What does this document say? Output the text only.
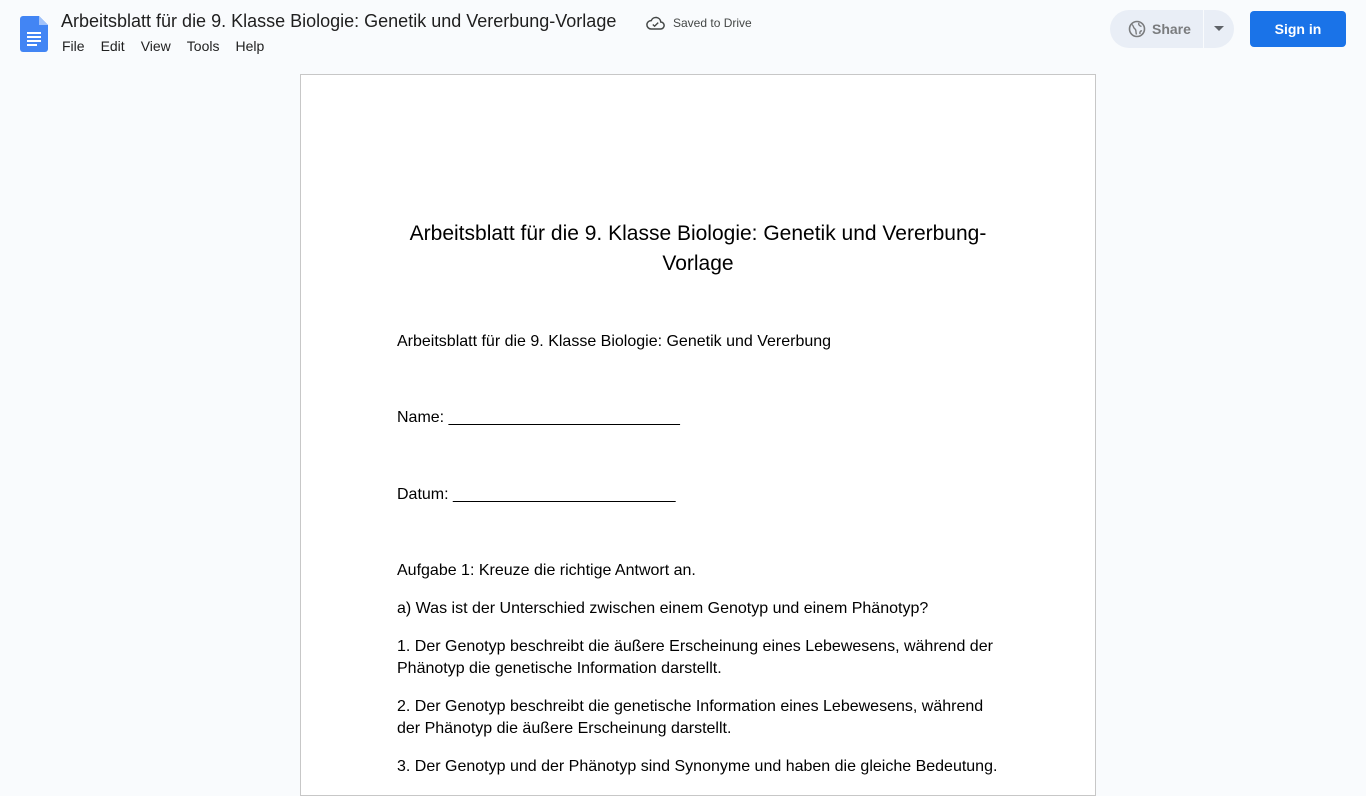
Arbeitsblatt für die 9. Klasse Biologie: Genetik und Vererbung-Vorlage	Saved to Drive
File	Edit	View	Tools	Help
Share	Sign in
Arbeitsblatt für die 9. Klasse Biologie: Genetik und Vererbung-Vorlage

Arbeitsblatt für die 9. Klasse Biologie: Genetik und Vererbung

Name: __________________________

Datum: _________________________

Aufgabe 1: Kreuze die richtige Antwort an.

a) Was ist der Unterschied zwischen einem Genotyp und einem Phänotyp?

1. Der Genotyp beschreibt die äußere Erscheinung eines Lebewesens, während der Phänotyp die genetische Information darstellt.

2. Der Genotyp beschreibt die genetische Information eines Lebewesens, während der Phänotyp die äußere Erscheinung darstellt.

3. Der Genotyp und der Phänotyp sind Synonyme und haben die gleiche Bedeutung.
